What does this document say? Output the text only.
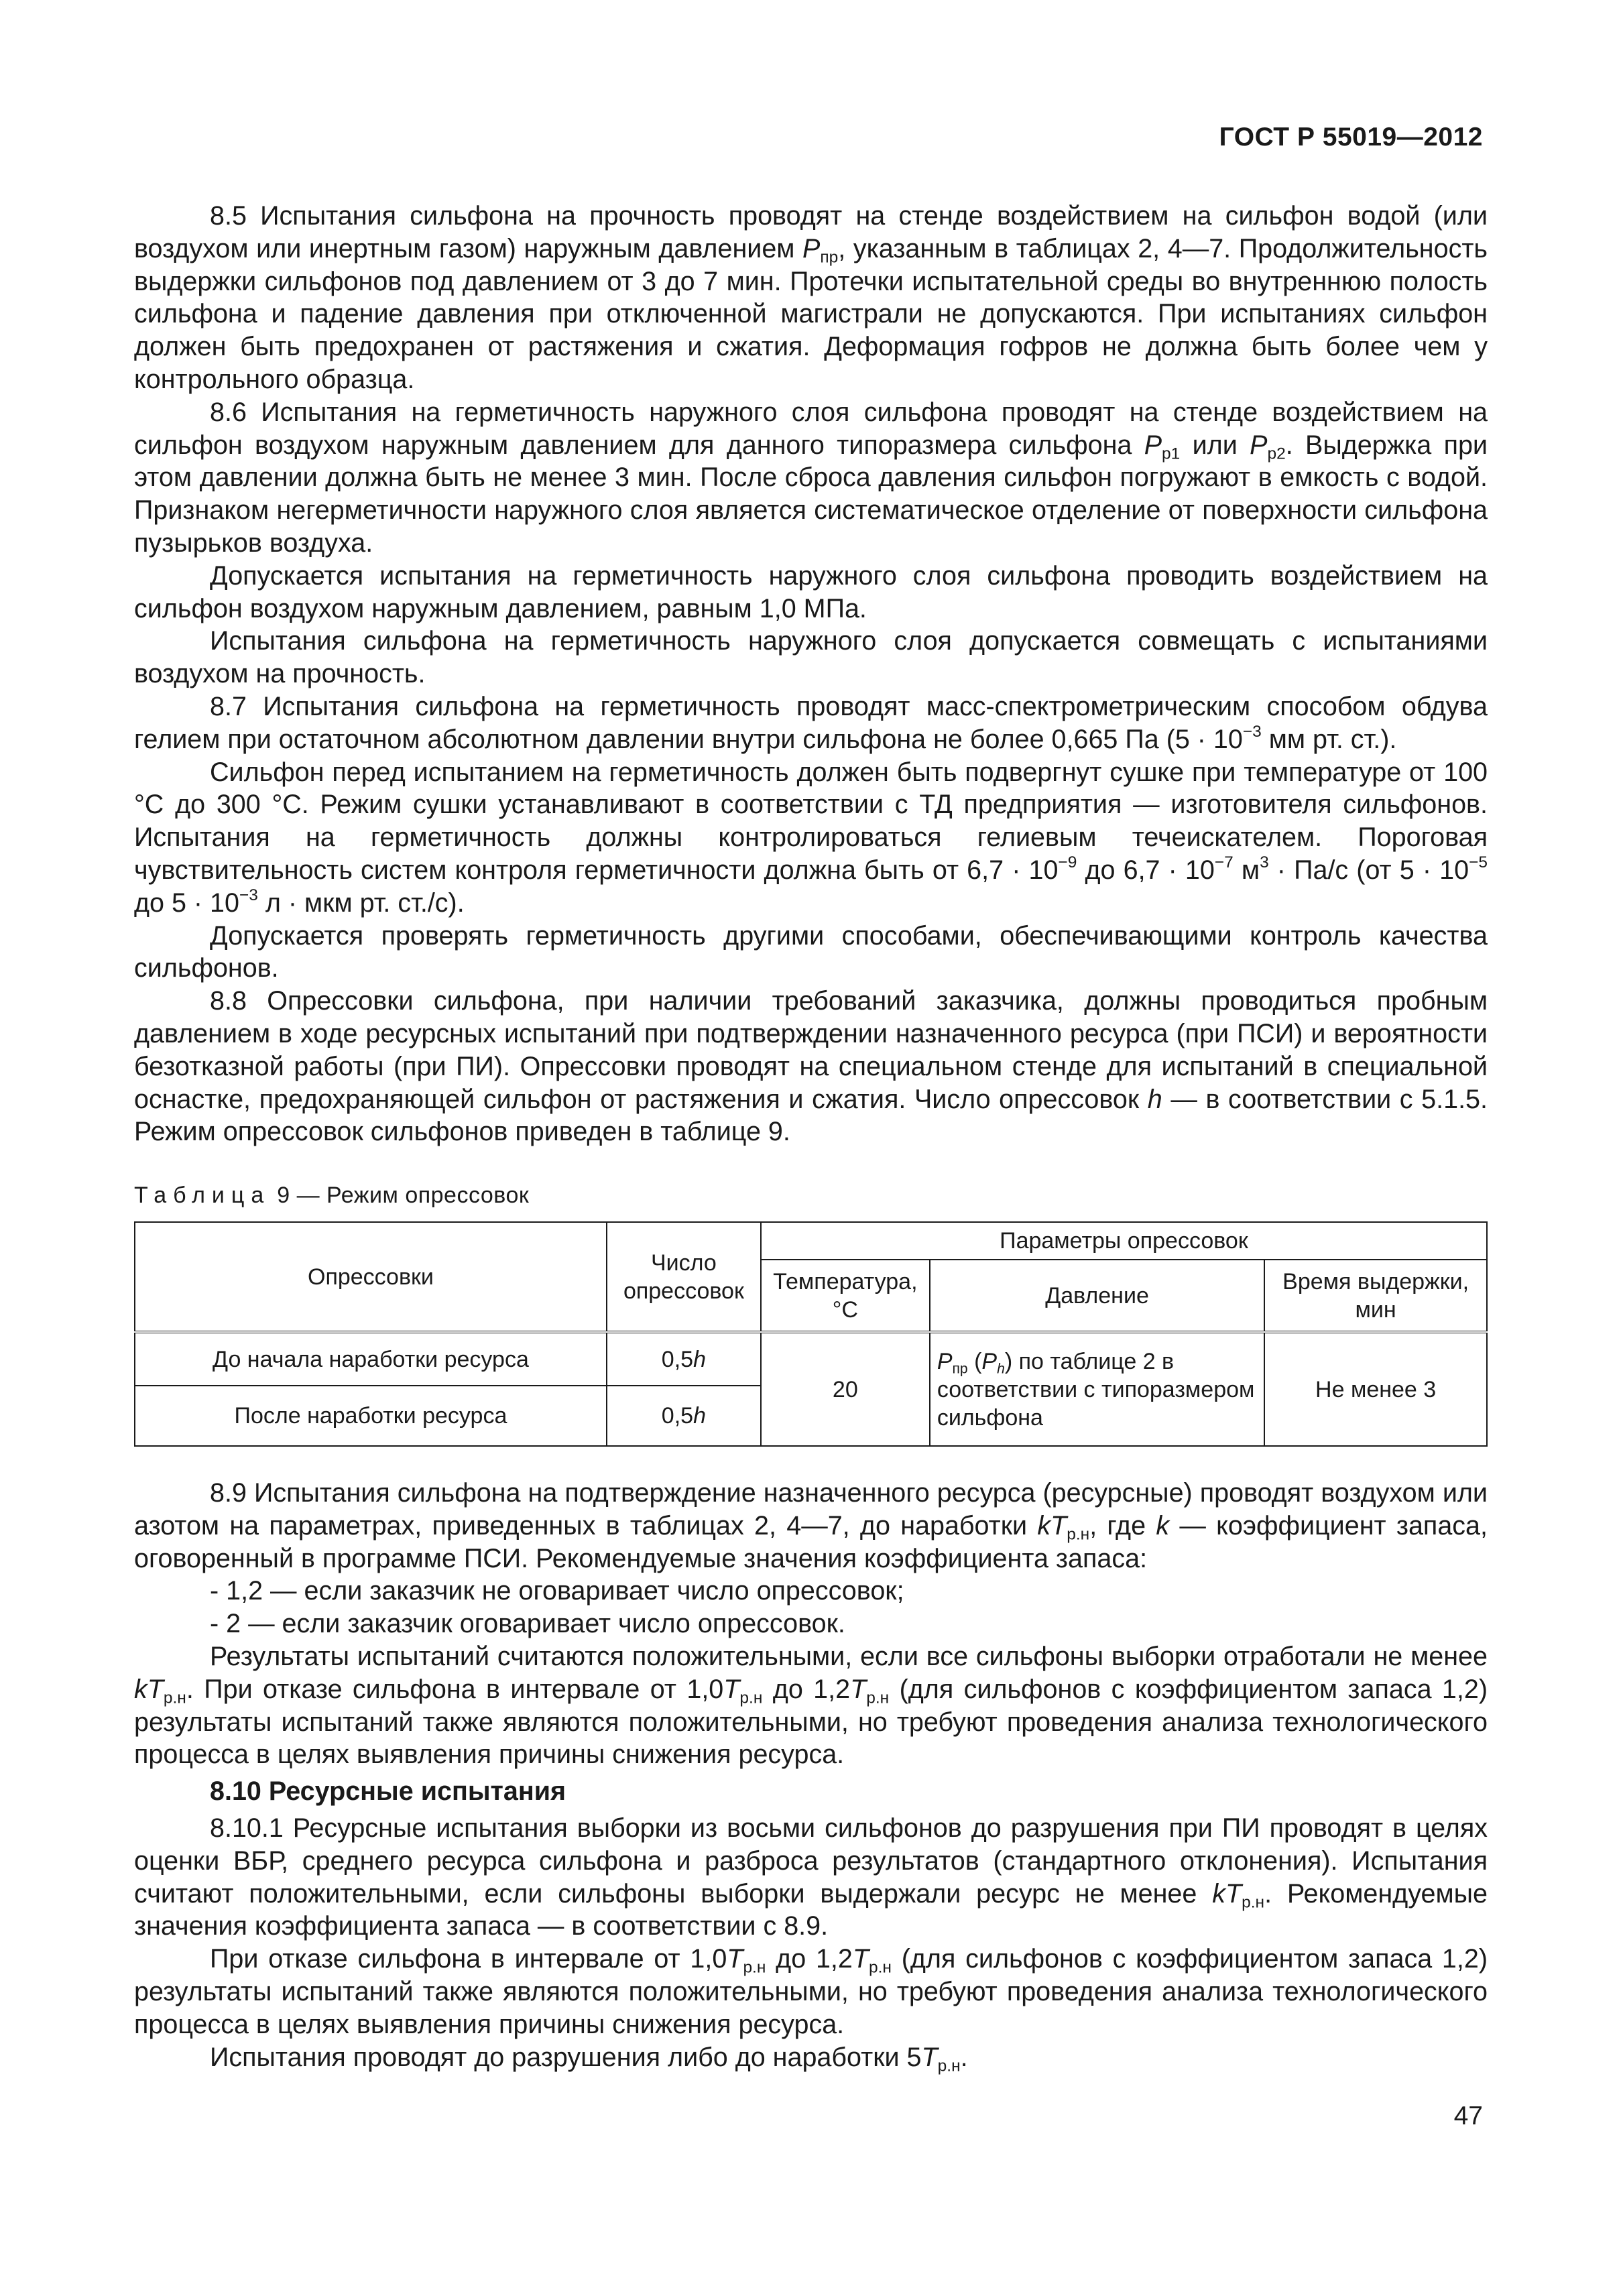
ГОСТ Р 55019—2012
8.5 Испытания сильфона на прочность проводят на стенде воздействием на сильфон водой (или воздухом или инертным газом) наружным давлением $P_{пр}$, указанным в таблицах 2, 4—7. Продолжительность выдержки сильфонов под давлением от 3 до 7 мин. Протечки испытательной среды во внутреннюю полость сильфона и падение давления при отключенной магистрали не допускаются. При испытаниях сильфон должен быть предохранен от растяжения и сжатия. Деформация гофров не должна быть более чем у контрольного образца.
8.6 Испытания на герметичность наружного слоя сильфона проводят на стенде воздействием на сильфон воздухом наружным давлением для данного типоразмера сильфона $P_{р1}$ или $P_{р2}$. Выдержка при этом давлении должна быть не менее 3 мин. После сброса давления сильфон погружают в емкость с водой. Признаком негерметичности наружного слоя является систематическое отделение от поверхности сильфона пузырьков воздуха.
Допускается испытания на герметичность наружного слоя сильфона проводить воздействием на сильфон воздухом наружным давлением, равным 1,0 МПа.
Испытания сильфона на герметичность наружного слоя допускается совмещать с испытаниями воздухом на прочность.
8.7 Испытания сильфона на герметичность проводят масс-спектрометрическим способом обдува гелием при остаточном абсолютном давлении внутри сильфона не более 0,665 Па ($5 \cdot 10^{-3}$ мм рт. ст.).
Сильфон перед испытанием на герметичность должен быть подвергнут сушке при температуре от 100 °С до 300 °С. Режим сушки устанавливают в соответствии с ТД предприятия — изготовителя сильфонов. Испытания на герметичность должны контролироваться гелиевым течеискателем. Пороговая чувствительность систем контроля герметичности должна быть от $6,7 \cdot 10^{-9}$ до $6,7 \cdot 10^{-7}$ $м^3 \cdot Па/с$ (от $5 \cdot 10^{-5}$ до $5 \cdot 10^{-3}$ л · мкм рт. ст./с).
Допускается проверять герметичность другими способами, обеспечивающими контроль качества сильфонов.
8.8 Опрессовки сильфона, при наличии требований заказчика, должны проводиться пробным давлением в ходе ресурсных испытаний при подтверждении назначенного ресурса (при ПСИ) и вероятности безотказной работы (при ПИ). Опрессовки проводят на специальном стенде для испытаний в специальной оснастке, предохраняющей сильфон от растяжения и сжатия. Число опрессовок h — в соответствии с 5.1.5. Режим опрессовок сильфонов приведен в таблице 9.
Таблица 9 — Режим опрессовок
Опрессовки	Число опрессовок	Параметры опрессовок		
		Температура, °С	Давление	Время выдержки, мин
До начала наработки ресурса	0,5h	20	$P_{пр}$ $(P_h)$ по таблице 2 в соответствии с типоразмером сильфона	Не менее 3
После наработки ресурса	0,5h			
8.9 Испытания сильфона на подтверждение назначенного ресурса (ресурсные) проводят воздухом или азотом на параметрах, приведенных в таблицах 2, 4—7, до наработки $kT_{р.н}$, где k — коэффициент запаса, оговоренный в программе ПСИ. Рекомендуемые значения коэффициента запаса:
- 1,2 — если заказчик не оговаривает число опрессовок;
- 2 — если заказчик оговаривает число опрессовок.
Результаты испытаний считаются положительными, если все сильфоны выборки отработали не менее $kT_{р.н}$. При отказе сильфона в интервале от $1,0T_{р.н}$ до $1,2T_{р.н}$ (для сильфонов с коэффициентом запаса 1,2) результаты испытаний также являются положительными, но требуют проведения анализа технологического процесса в целях выявления причины снижения ресурса.
8.10 Ресурсные испытания
8.10.1 Ресурсные испытания выборки из восьми сильфонов до разрушения при ПИ проводят в целях оценки ВБР, среднего ресурса сильфона и разброса результатов (стандартного отклонения). Испытания считают положительными, если сильфоны выборки выдержали ресурс не менее $kT_{р.н}$. Рекомендуемые значения коэффициента запаса — в соответствии с 8.9.
При отказе сильфона в интервале от $1,0T_{р.н}$ до $1,2T_{р.н}$ (для сильфонов с коэффициентом запаса 1,2) результаты испытаний также являются положительными, но требуют проведения анализа технологического процесса в целях выявления причины снижения ресурса.
Испытания проводят до разрушения либо до наработки $5T_{р.н}$.
47
